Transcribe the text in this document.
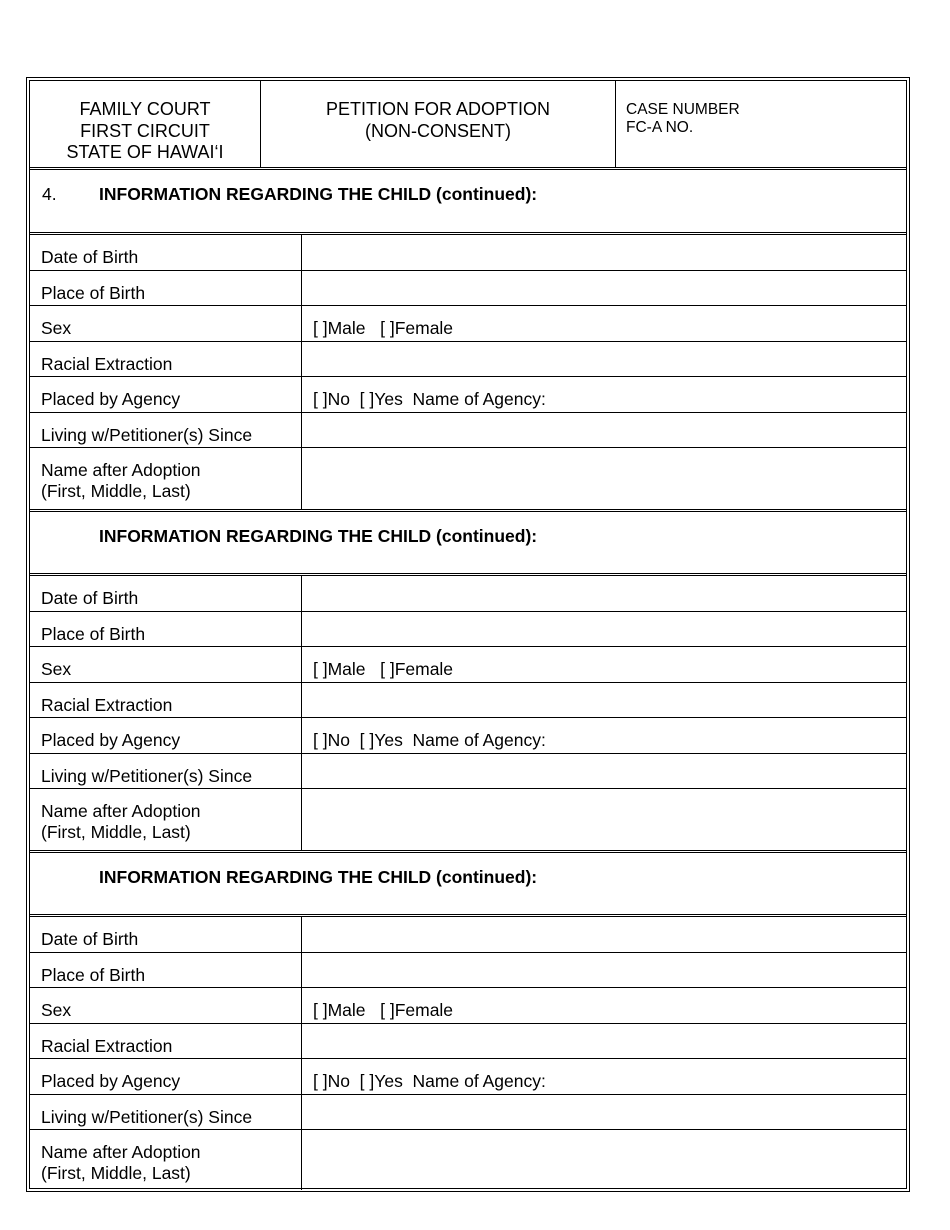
FAMILY COURT
FIRST CIRCUIT
STATE OF HAWAI‘I
PETITION FOR ADOPTION
(NON-CONSENT)
CASE NUMBER
FC-A NO.
4. INFORMATION REGARDING THE CHILD (continued):
Date of Birth
Place of Birth
Sex	[ ]Male   [ ]Female
Racial Extraction
Placed by Agency	[ ]No  [ ]Yes  Name of Agency:
Living w/Petitioner(s) Since
Name after Adoption
(First, Middle, Last)
INFORMATION REGARDING THE CHILD (continued):
Date of Birth
Place of Birth
Sex	[ ]Male   [ ]Female
Racial Extraction
Placed by Agency	[ ]No  [ ]Yes  Name of Agency:
Living w/Petitioner(s) Since
Name after Adoption
(First, Middle, Last)
INFORMATION REGARDING THE CHILD (continued):
Date of Birth
Place of Birth
Sex	[ ]Male   [ ]Female
Racial Extraction
Placed by Agency	[ ]No  [ ]Yes  Name of Agency:
Living w/Petitioner(s) Since
Name after Adoption
(First, Middle, Last)
